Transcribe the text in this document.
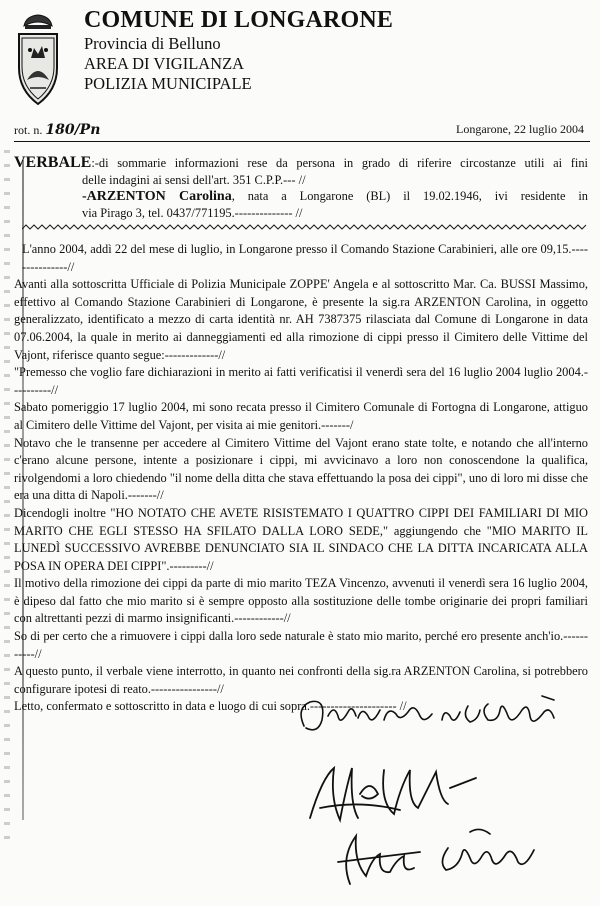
COMUNE DI LONGARONE
Provincia di Belluno
AREA DI VIGILANZA
POLIZIA MUNICIPALE
rot. n. 180/Pn	Longarone, 22 luglio 2004
VERBALE:-di sommarie informazioni rese da persona in grado di riferire circostanze utili ai fini
delle indagini ai sensi dell'art. 351 C.P.P.--- //
-ARZENTON Carolina, nata a Longarone (BL) il 19.02.1946, ivi residente in
via Pirago 3, tel. 0437/771195.-------------- //

L'anno 2004, addì 22 del mese di luglio, in Longarone presso il Comando Stazione Carabinieri, alle ore 09,15.---------------//

Avanti alla sottoscritta Ufficiale di Polizia Municipale ZOPPE' Angela e al sottoscritto Mar. Ca. BUSSI Massimo, effettivo al Comando Stazione Carabinieri di Longarone, è presente la sig.ra ARZENTON Carolina, in oggetto generalizzato, identificato a mezzo di carta identità nr. AH 7387375 rilasciata dal Comune di Longarone in data 07.06.2004, la quale in merito ai danneggiamenti ed alla rimozione di cippi presso il Cimitero delle Vittime del Vajont, riferisce quanto segue:-------------//

"Premesso che voglio fare dichiarazioni in merito ai fatti verificatisi il venerdì sera del 16 luglio 2004 luglio 2004.----------//

Sabato pomeriggio 17 luglio 2004, mi sono recata presso il Cimitero Comunale di Fortogna di Longarone, attiguo al Cimitero delle Vittime del Vajont, per visita ai mie genitori.-------/

Notavo che le transenne per accedere al Cimitero Vittime del Vajont erano state tolte, e notando che all'interno c'erano alcune persone, intente a posizionare i cippi, mi avvicinavo a loro non conoscendone la qualifica, rivolgendomi a loro chiedendo "il nome della ditta che stava effettuando la posa dei cippi", uno di loro mi disse che era una ditta di Napoli.-------//

Dicendogli inoltre "HO NOTATO CHE AVETE RISISTEMATO I QUATTRO CIPPI DEI FAMILIARI DI MIO MARITO CHE EGLI STESSO HA SFILATO DALLA LORO SEDE," aggiungendo che "MIO MARITO IL LUNEDÌ SUCCESSIVO AVREBBE DENUNCIATO SIA IL SINDACO CHE LA DITTA INCARICATA ALLA POSA IN OPERA DEI CIPPI".---------//

Il motivo della rimozione dei cippi da parte di mio marito TEZA Vincenzo, avvenuti il venerdì sera 16 luglio 2004, è dipeso dal fatto che mio marito si è sempre opposto alla sostituzione delle tombe originarie dei propri familiari con altrettanti pezzi di marmo insignificanti.------------//

So di per certo che a rimuovere i cippi dalla loro sede naturale è stato mio marito, perché ero presente anch'io.-----------//

A questo punto, il verbale viene interrotto, in quanto nei confronti della sig.ra ARZENTON Carolina, si potrebbero configurare ipotesi di reato.----------------//

Letto, confermato e sottoscritto in data e luogo di cui sopra.--------------------- //
